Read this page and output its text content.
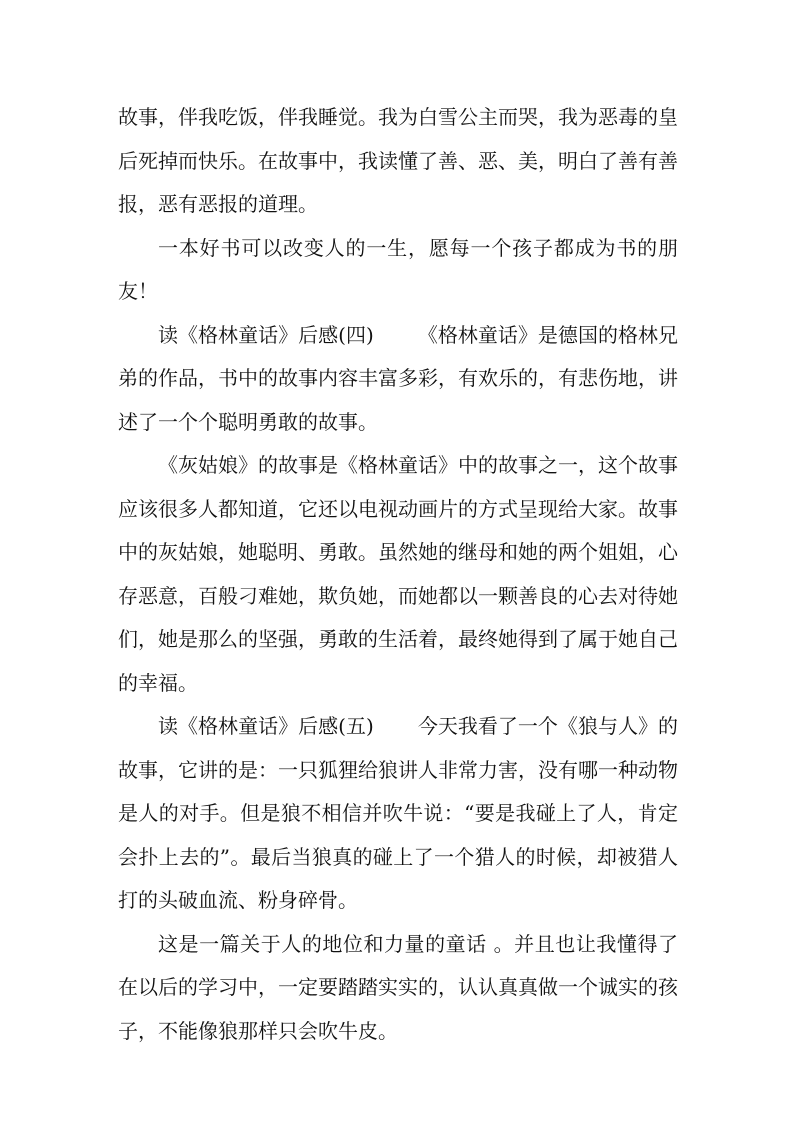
故事，伴我吃饭，伴我睡觉。我为白雪公主而哭，我为恶毒的皇后死掉而快乐。在故事中，我读懂了善、恶、美，明白了善有善报，恶有恶报的道理。

一本好书可以改变人的一生，愿每一个孩子都成为书的朋友！

读《格林童话》后感(四) 《格林童话》是德国的格林兄弟的作品，书中的故事内容丰富多彩，有欢乐的，有悲伤地，讲述了一个个聪明勇敢的故事。

《灰姑娘》的故事是《格林童话》中的故事之一，这个故事应该很多人都知道，它还以电视动画片的方式呈现给大家。故事中的灰姑娘，她聪明、勇敢。虽然她的继母和她的两个姐姐，心存恶意，百般刁难她，欺负她，而她都以一颗善良的心去对待她们，她是那么的坚强，勇敢的生活着，最终她得到了属于她自己的幸福。

读《格林童话》后感(五) 今天我看了一个《狼与人》的故事，它讲的是：一只狐狸给狼讲人非常力害，没有哪一种动物是人的对手。但是狼不相信并吹牛说：“要是我碰上了人，肯定会扑上去的”。最后当狼真的碰上了一个猎人的时候，却被猎人打的头破血流、粉身碎骨。

这是一篇关于人的地位和力量的童话 。并且也让我懂得了在以后的学习中，一定要踏踏实实的，认认真真做一个诚实的孩子，不能像狼那样只会吹牛皮。
